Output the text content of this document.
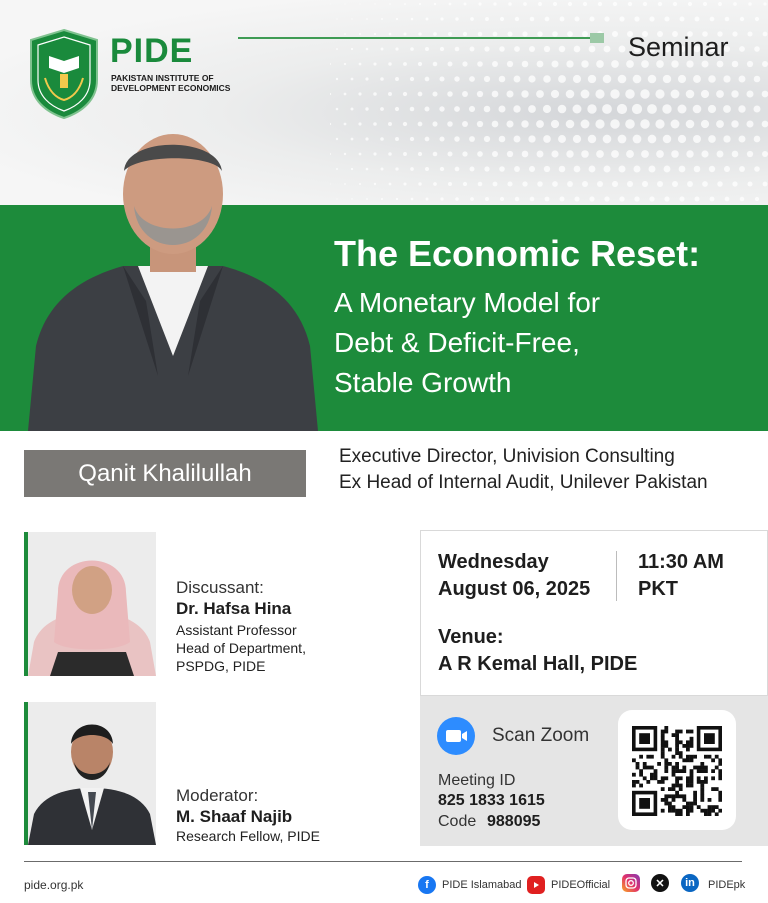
PIDE
PAKISTAN INSTITUTE OF DEVELOPMENT ECONOMICS
Seminar
The Economic Reset:
A Monetary Model for
Debt & Deficit-Free,
Stable Growth
Qanit Khalilullah
Executive Director, Univision Consulting
Ex Head of Internal Audit, Unilever Pakistan
Discussant:
Dr. Hafsa Hina
Assistant Professor
Head of Department,
PSPDG, PIDE
Moderator:
M. Shaaf Najib
Research Fellow, PIDE
Wednesday
August 06, 2025
11:30 AM
PKT
Venue:
A R Kemal Hall, PIDE
Scan Zoom
Meeting ID
825 1833 1615
Code 988095
pide.org.pk	f	PIDE Islamabad	PIDEOfficial	✕	in	PIDEpk
